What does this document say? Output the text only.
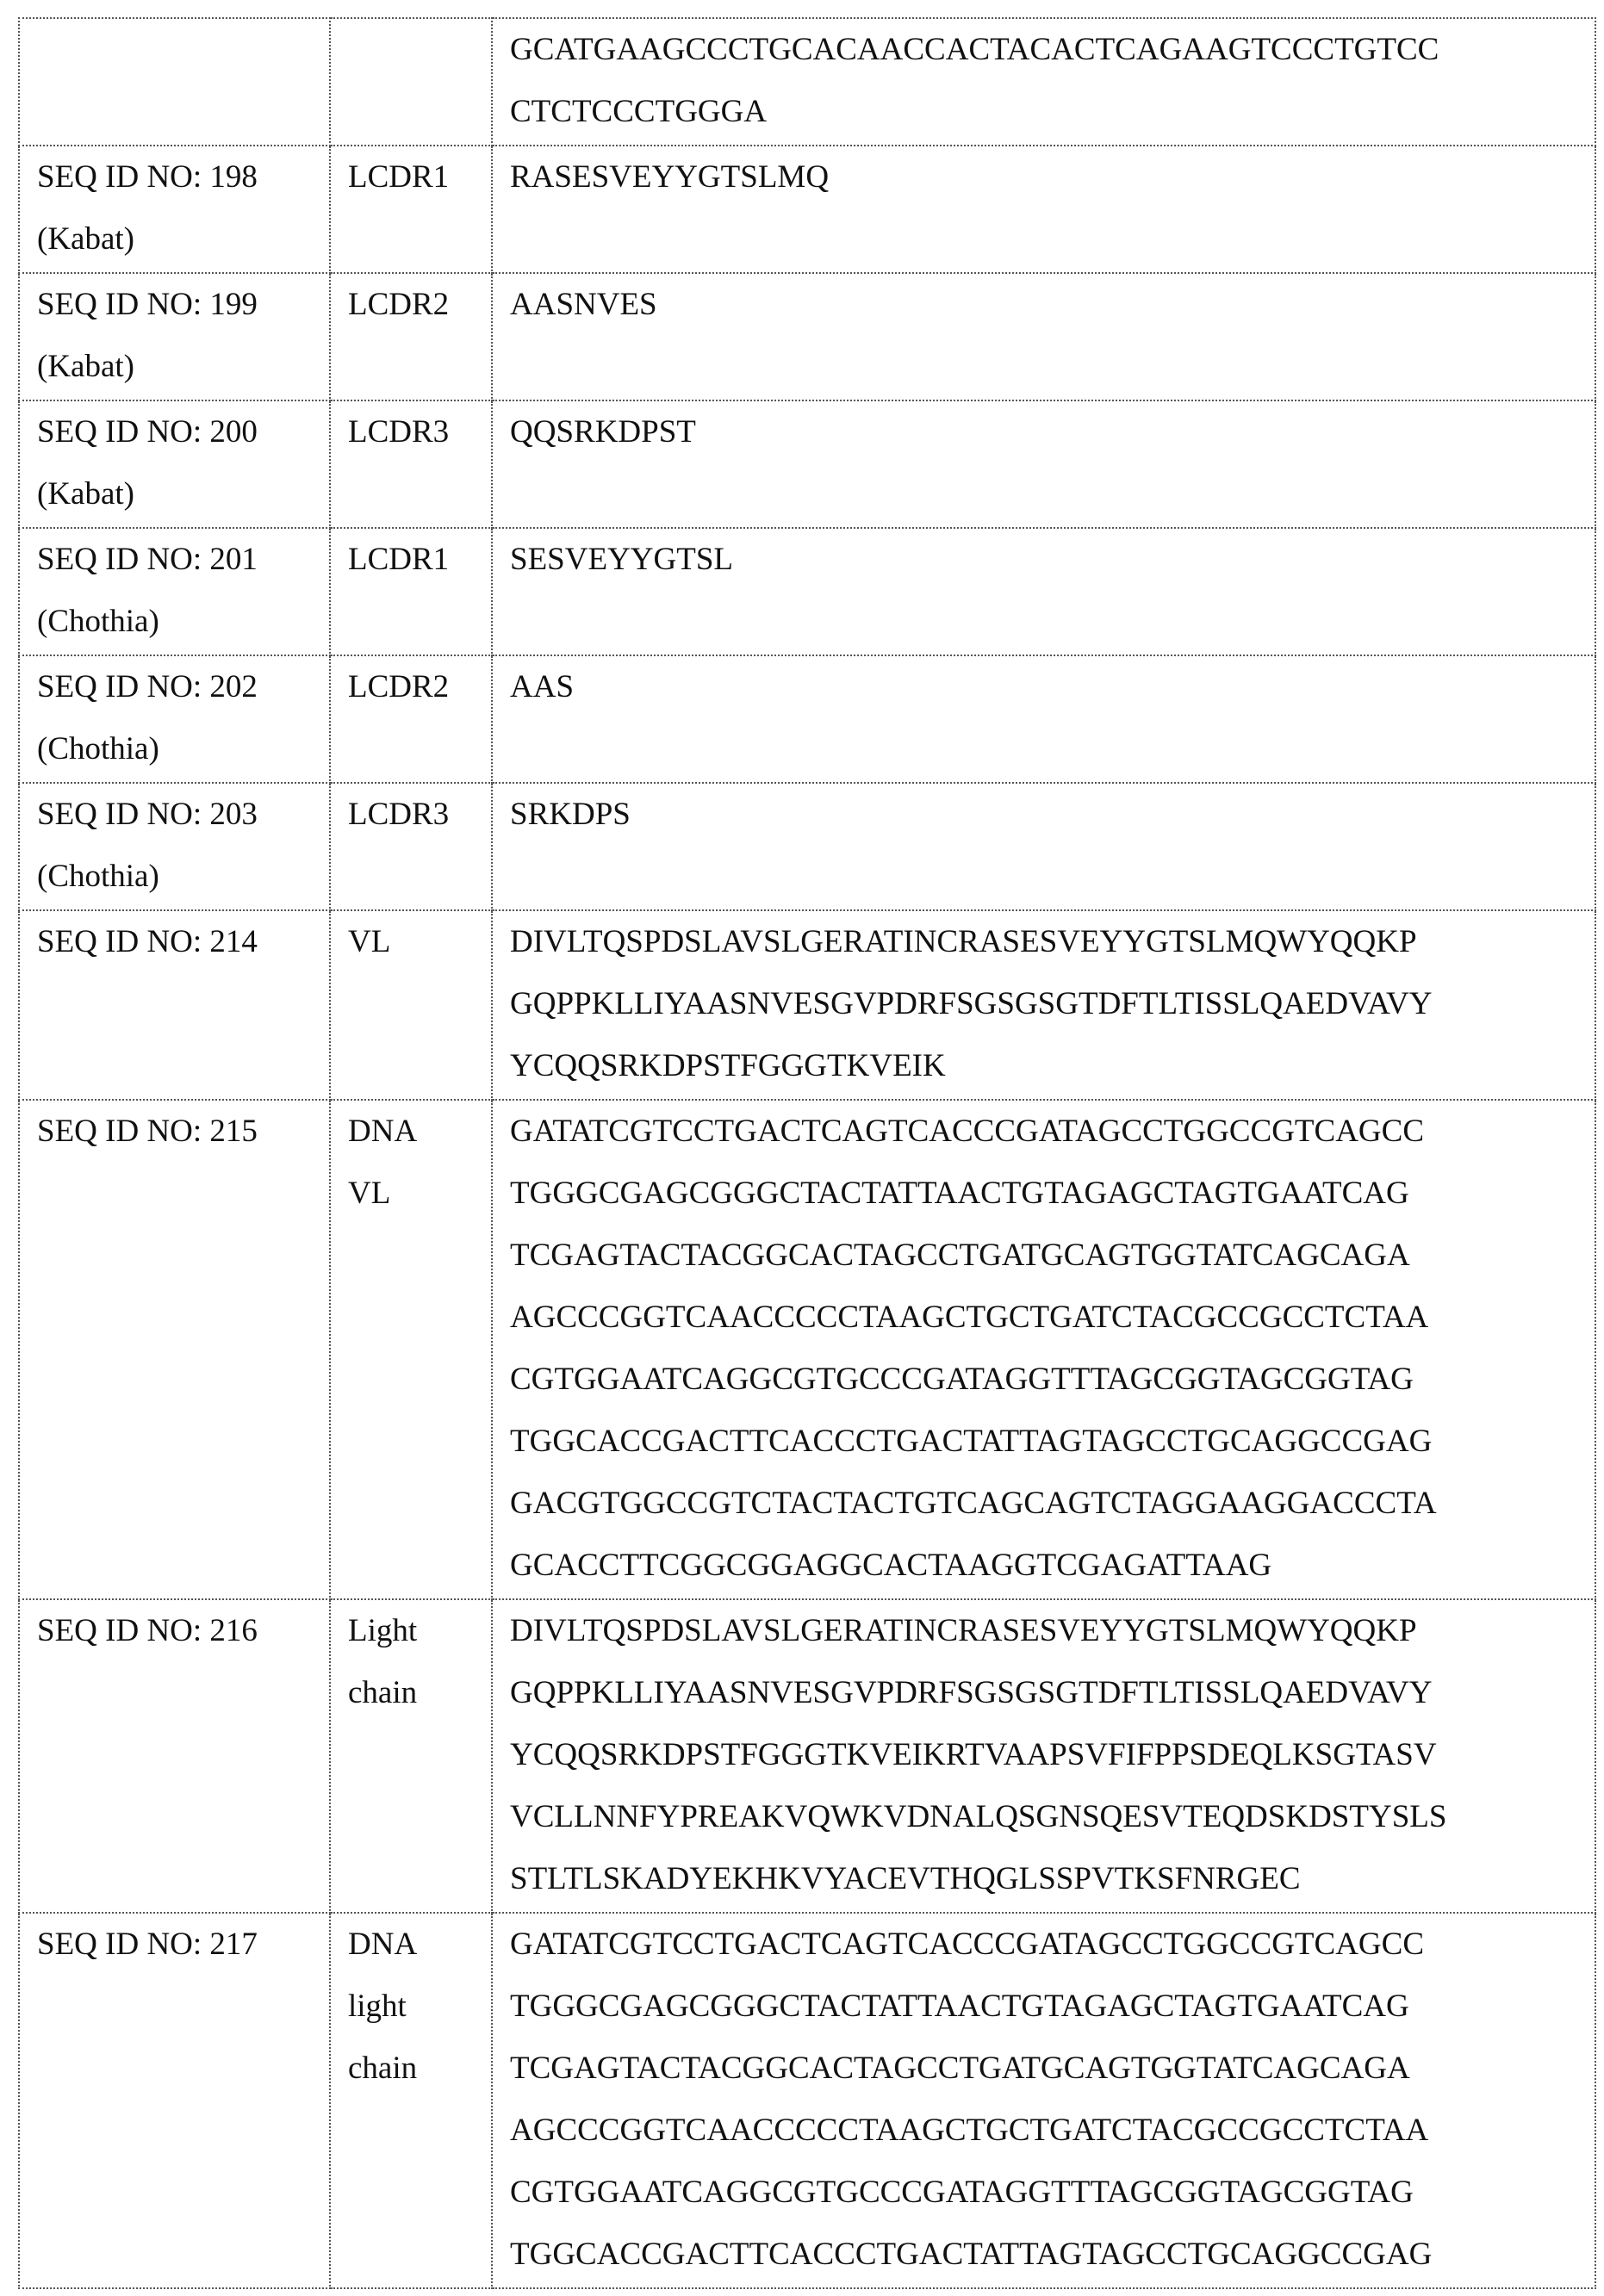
GCATGAAGCCCTGCACAACCACTACACTCAGAAGTCCCTGTCC
CTCTCCCTGGGA

SEQ ID NO: 198
(Kabat)

LCDR1	RASESVEYYGTSLMQ

SEQ ID NO: 199
(Kabat)

LCDR2	AASNVES

SEQ ID NO: 200
(Kabat)

LCDR3	QQSRKDPST

SEQ ID NO: 201
(Chothia)

LCDR1	SESVEYYGTSL

SEQ ID NO: 202
(Chothia)

LCDR2	AAS

SEQ ID NO: 203
(Chothia)

LCDR3	SRKDPS

SEQ ID NO: 214	VL	DIVLTQSPDSLAVSLGERATINCRASESVEYYGTSLMQWYQQKP
GQPPKLLIYAASNVESGVPDRFSGSGSGTDFTLTISSLQAEDVAVY
YCQQSRKDPSTFGGGTKVEIK

SEQ ID NO: 215	DNA
VL

GATATCGTCCTGACTCAGTCACCCGATAGCCTGGCCGTCAGCC
TGGGCGAGCGGGCTACTATTAACTGTAGAGCTAGTGAATCAG
TCGAGTACTACGGCACTAGCCTGATGCAGTGGTATCAGCAGA
AGCCCGGTCAACCCCCTAAGCTGCTGATCTACGCCGCCTCTAA
CGTGGAATCAGGCGTGCCCGATAGGTTTAGCGGTAGCGGTAG
TGGCACCGACTTCACCCTGACTATTAGTAGCCTGCAGGCCGAG
GACGTGGCCGTCTACTACTGTCAGCAGTCTAGGAAGGACCCTA
GCACCTTCGGCGGAGGCACTAAGGTCGAGATTAAG

SEQ ID NO: 216	Light
chain

DIVLTQSPDSLAVSLGERATINCRASESVEYYGTSLMQWYQQKP
GQPPKLLIYAASNVESGVPDRFSGSGSGTDFTLTISSLQAEDVAVY
YCQQSRKDPSTFGGGTKVEIKRTVAAPSVFIFPPSDEQLKSGTASV
VCLLNNFYPREAKVQWKVDNALQSGNSQESVTEQDSKDSTYSLS
STLTLSKADYEKHKVYACEVTHQGLSSPVTKSFNRGEC

SEQ ID NO: 217	DNA
light
chain

GATATCGTCCTGACTCAGTCACCCGATAGCCTGGCCGTCAGCC
TGGGCGAGCGGGCTACTATTAACTGTAGAGCTAGTGAATCAG
TCGAGTACTACGGCACTAGCCTGATGCAGTGGTATCAGCAGA
AGCCCGGTCAACCCCCTAAGCTGCTGATCTACGCCGCCTCTAA
CGTGGAATCAGGCGTGCCCGATAGGTTTAGCGGTAGCGGTAG
TGGCACCGACTTCACCCTGACTATTAGTAGCCTGCAGGCCGAG
